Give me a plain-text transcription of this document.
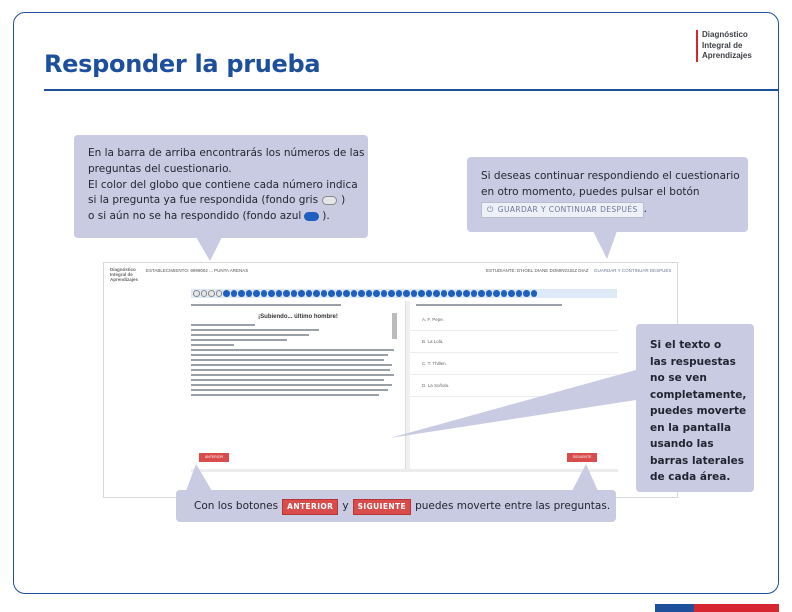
Diagnóstico
Integral de
Aprendizajes
Responder la prueba
Diagnóstico
Integral de
Aprendizajes
ESTABLECIMIENTO: 9999002 ... PUNTA ARENAS	ESTUDIANTE: D'HOEL DIANE DOMINGUEZ DIAZ GUARDAR Y CONTINUAR DESPUÉS
¡Subiendo... último hombre!	A. F. Pepe.
B. La Lola.
C. T. Thillen.
D. La Soñola.
ANTERIOR	SIGUIENTE
En la barra de arriba encontrarás los números de las
preguntas del cuestionario.
El color del globo que contiene cada número indica
si la pregunta ya fue respondida (fondo gris )
o si aún no se ha respondido (fondo azul ).
Si deseas continuar respondiendo el cuestionario
en otro momento, puedes pulsar el botón
⏻ GUARDAR Y CONTINUAR DESPUÉS .
Si el texto o
las respuestas
no se ven
completamente,
puedes moverte
en la pantalla
usando las
barras laterales
de cada área.
Con los botones	ANTERIOR y	SIGUIENTE puedes moverte entre las preguntas.
